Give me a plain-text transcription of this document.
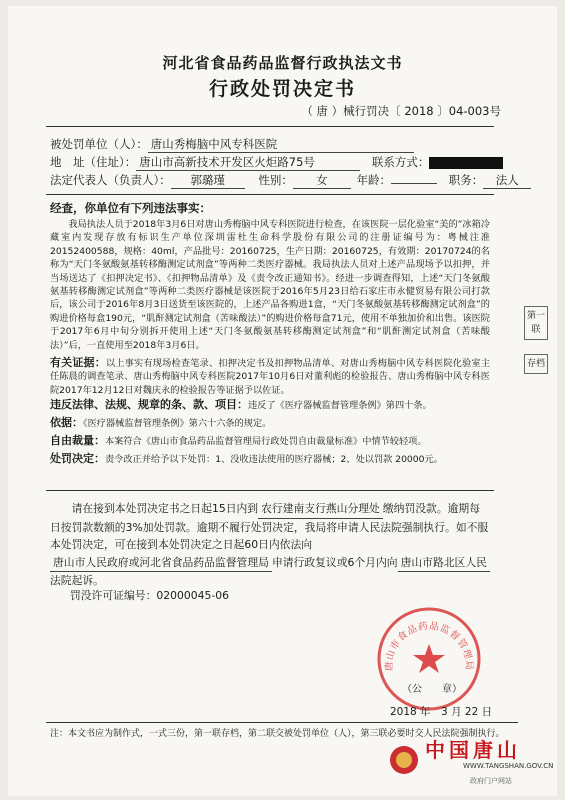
河北省食品药品监督行政执法文书
行政处罚决定书
（ 唐 ）械行罚决〔 2018 〕04-003号
被处罚单位（人）： 唐山秀梅脑中风专科医院
地　址（住址）： 唐山市高新技术开发区火炬路75号	联系方式：
法定代表人（负责人）： 郭璐瑾	性别： 女	年龄：	职务： 法人
经查，你单位有下列违法事实：
我局执法人员于2018年3月6日对唐山秀梅脑中风专科医院进行检查，在该医院一层化验室“美的”冰箱冷藏室内发现存放有标识生产单位深圳雷杜生命科学股份有限公司的注册证编号为：粤械注准 20152400588，规格：40ml，产品批号：20160725，生产日期：20160725，有效期：20170724的名称为“天门冬氨酸氨基转移酶测定试剂盒”等两种二类医疗器械。我局执法人员对上述产品现场予以扣押，并当场送达了《扣押决定书》、《扣押物品清单》及《责令改正通知书》。经进一步调查得知，上述“天门冬氨酸氨基转移酶测定试剂盒”等两种二类医疗器械是该医院于2016年5月23日给石家庄市永健贸易有限公司打款后，该公司于2016年8月3日送货至该医院的，上述产品各购进1盒，“天门冬氨酸氨基转移酶测定试剂盒”的购进价格每盒190元，“肌酐测定试剂盒（苦味酸法）”的购进价格每盒71元，使用不单独加价和出售。该医院于2017年6月中旬分别拆开使用上述“天门冬氨酸氨基转移酶测定试剂盒”和“肌酐测定试剂盒（苦味酸法）”后，一直使用至2018年3月6日。
有关证据：以上事实有现场检查笔录、扣押决定书及扣押物品清单、对唐山秀梅脑中风专科医院化验室主任陈晨的调查笔录、唐山秀梅脑中风专科医院2017年10月6日对董利彪的检验报告、唐山秀梅脑中风专科医院2017年12月12日对魏庆永的检验报告等证据予以佐证。
违反法律、法规、规章的条、款、项目：违反了《医疗器械监督管理条例》第四十条。
依据：《医疗器械监督管理条例》第六十六条的规定。
自由裁量：本案符合《唐山市食品药品监督管理局行政处罚自由裁量标准》中情节较轻项。
处罚决定：责令改正并给予以下处罚：1、没收违法使用的医疗器械；2、处以罚款 20000元。
请在接到本处罚决定书之日起15日内到 农行建南支行燕山分理处 缴纳罚没款。逾期每日按罚款数额的3%加处罚款。逾期不履行处罚决定，我局将申请人民法院强制执行。如不服本处罚决定，可在接到本处罚决定之日起60日内依法向唐山市人民政府或河北省食品药品监督管理局 申请行政复议或6个月内向 唐山市路北区人民法院起诉。
罚没许可证编号：02000045-06
唐山市食品药品监督管理局
（公　　章）
2018 年　3 月 22 日
注：本文书应为制作式，一式三份，第一联存档，第二联交被处罚单位（人），第三联必要时交人民法院强制执行。
第一联
存档
中国唐山
WWW.TANGSHAN.GOV.CN
政府门户网站
